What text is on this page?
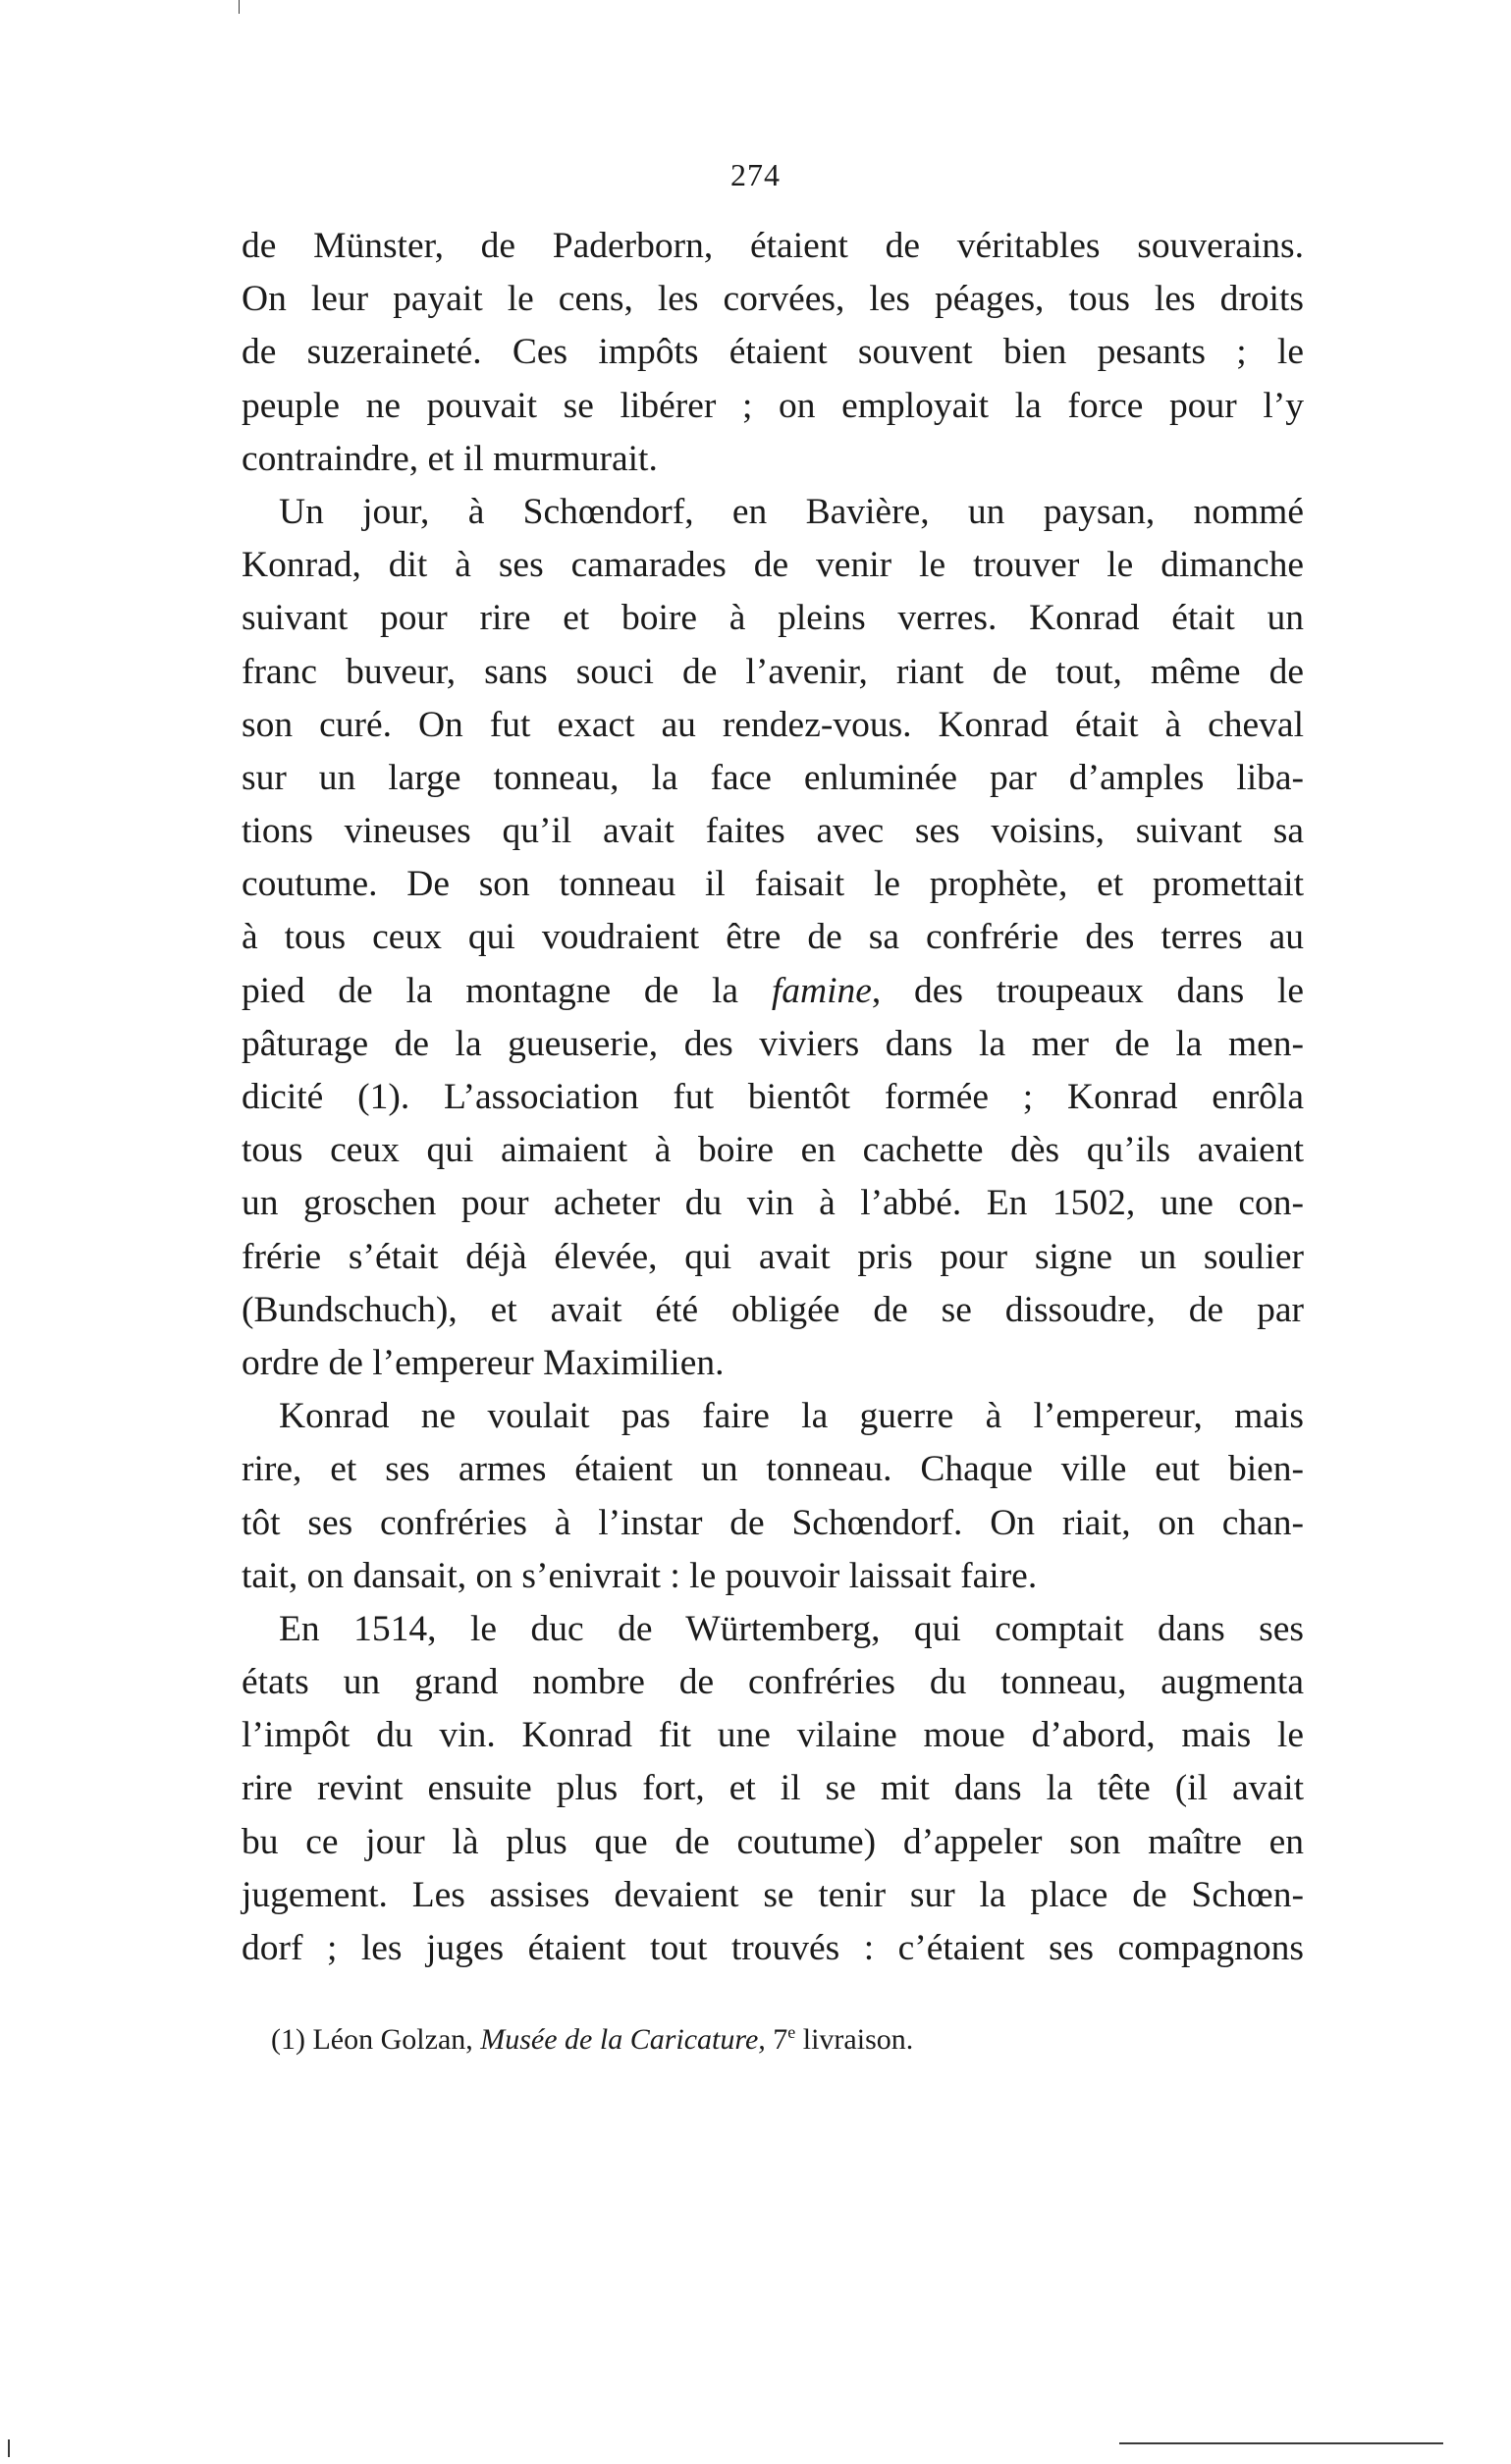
274
de Münster, de Paderborn, étaient de véritables souverains.
On leur payait le cens, les corvées, les péages, tous les droits
de suzeraineté. Ces impôts étaient souvent bien pesants ; le
peuple ne pouvait se libérer ; on employait la force pour l’y
contraindre, et il murmurait.
Un jour, à Schœndorf, en Bavière, un paysan, nommé
Konrad, dit à ses camarades de venir le trouver le dimanche
suivant pour rire et boire à pleins verres. Konrad était un
franc buveur, sans souci de l’avenir, riant de tout, même de
son curé. On fut exact au rendez-vous. Konrad était à cheval
sur un large tonneau, la face enluminée par d’amples liba-
tions vineuses qu’il avait faites avec ses voisins, suivant sa
coutume. De son tonneau il faisait le prophète, et promettait
à tous ceux qui voudraient être de sa confrérie des terres au
pied de la montagne de la famine, des troupeaux dans le
pâturage de la gueuserie, des viviers dans la mer de la men-
dicité (1). L’association fut bientôt formée ; Konrad enrôla
tous ceux qui aimaient à boire en cachette dès qu’ils avaient
un groschen pour acheter du vin à l’abbé. En 1502, une con-
frérie s’était déjà élevée, qui avait pris pour signe un soulier
(Bundschuch), et avait été obligée de se dissoudre, de par
ordre de l’empereur Maximilien.
Konrad ne voulait pas faire la guerre à l’empereur, mais
rire, et ses armes étaient un tonneau. Chaque ville eut bien-
tôt ses confréries à l’instar de Schœndorf. On riait, on chan-
tait, on dansait, on s’enivrait : le pouvoir laissait faire.
En 1514, le duc de Würtemberg, qui comptait dans ses
états un grand nombre de confréries du tonneau, augmenta
l’impôt du vin. Konrad fit une vilaine moue d’abord, mais le
rire revint ensuite plus fort, et il se mit dans la tête (il avait
bu ce jour là plus que de coutume) d’appeler son maître en
jugement. Les assises devaient se tenir sur la place de Schœn-
dorf ; les juges étaient tout trouvés : c’étaient ses compagnons
(1) Léon Golzan, Musée de la Caricature, 7e livraison.
